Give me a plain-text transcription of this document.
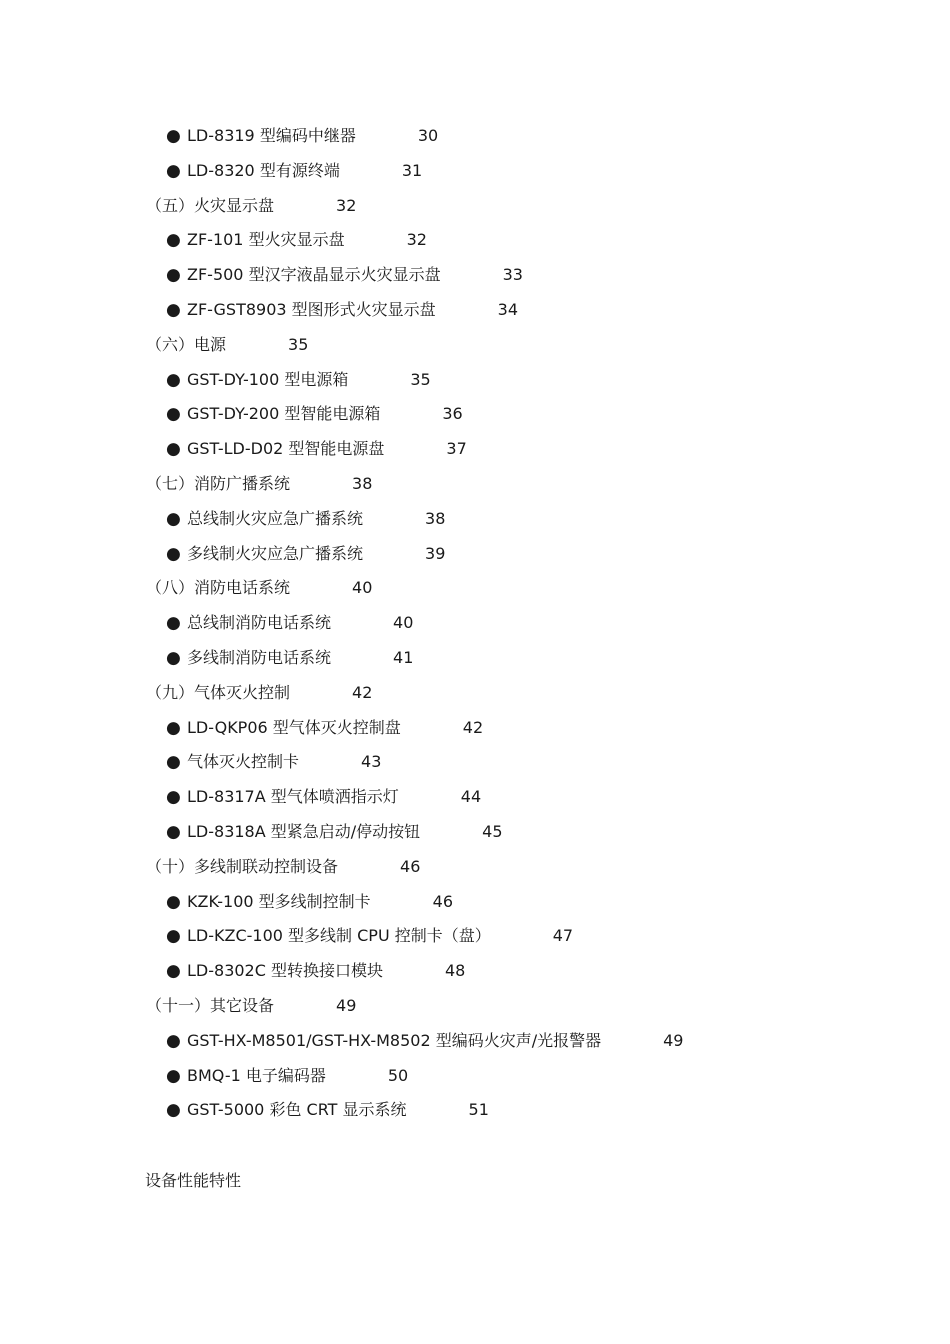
● LD-8319 型编码中继器	30
● LD-8320 型有源终端	31
（五）火灾显示盘	32
● ZF-101 型火灾显示盘	32
● ZF-500 型汉字液晶显示火灾显示盘	33
● ZF-GST8903 型图形式火灾显示盘	34
（六）电源	35
● GST-DY-100 型电源箱	35
● GST-DY-200 型智能电源箱	36
● GST-LD-D02 型智能电源盘	37
（七）消防广播系统	38
● 总线制火灾应急广播系统	38
● 多线制火灾应急广播系统	39
（八）消防电话系统	40
● 总线制消防电话系统	40
● 多线制消防电话系统	41
（九）气体灭火控制	42
● LD-QKP06 型气体灭火控制盘	42
● 气体灭火控制卡	43
● LD-8317A 型气体喷洒指示灯	44
● LD-8318A 型紧急启动/停动按钮	45
（十）多线制联动控制设备	46
● KZK-100 型多线制控制卡	46
● LD-KZC-100 型多线制 CPU 控制卡（盘）	47
● LD-8302C 型转换接口模块	48
（十一）其它设备	49
● GST-HX-M8501/GST-HX-M8502 型编码火灾声/光报警器	49
● BMQ-1 电子编码器	50
● GST-5000 彩色 CRT 显示系统	51
设备性能特性
